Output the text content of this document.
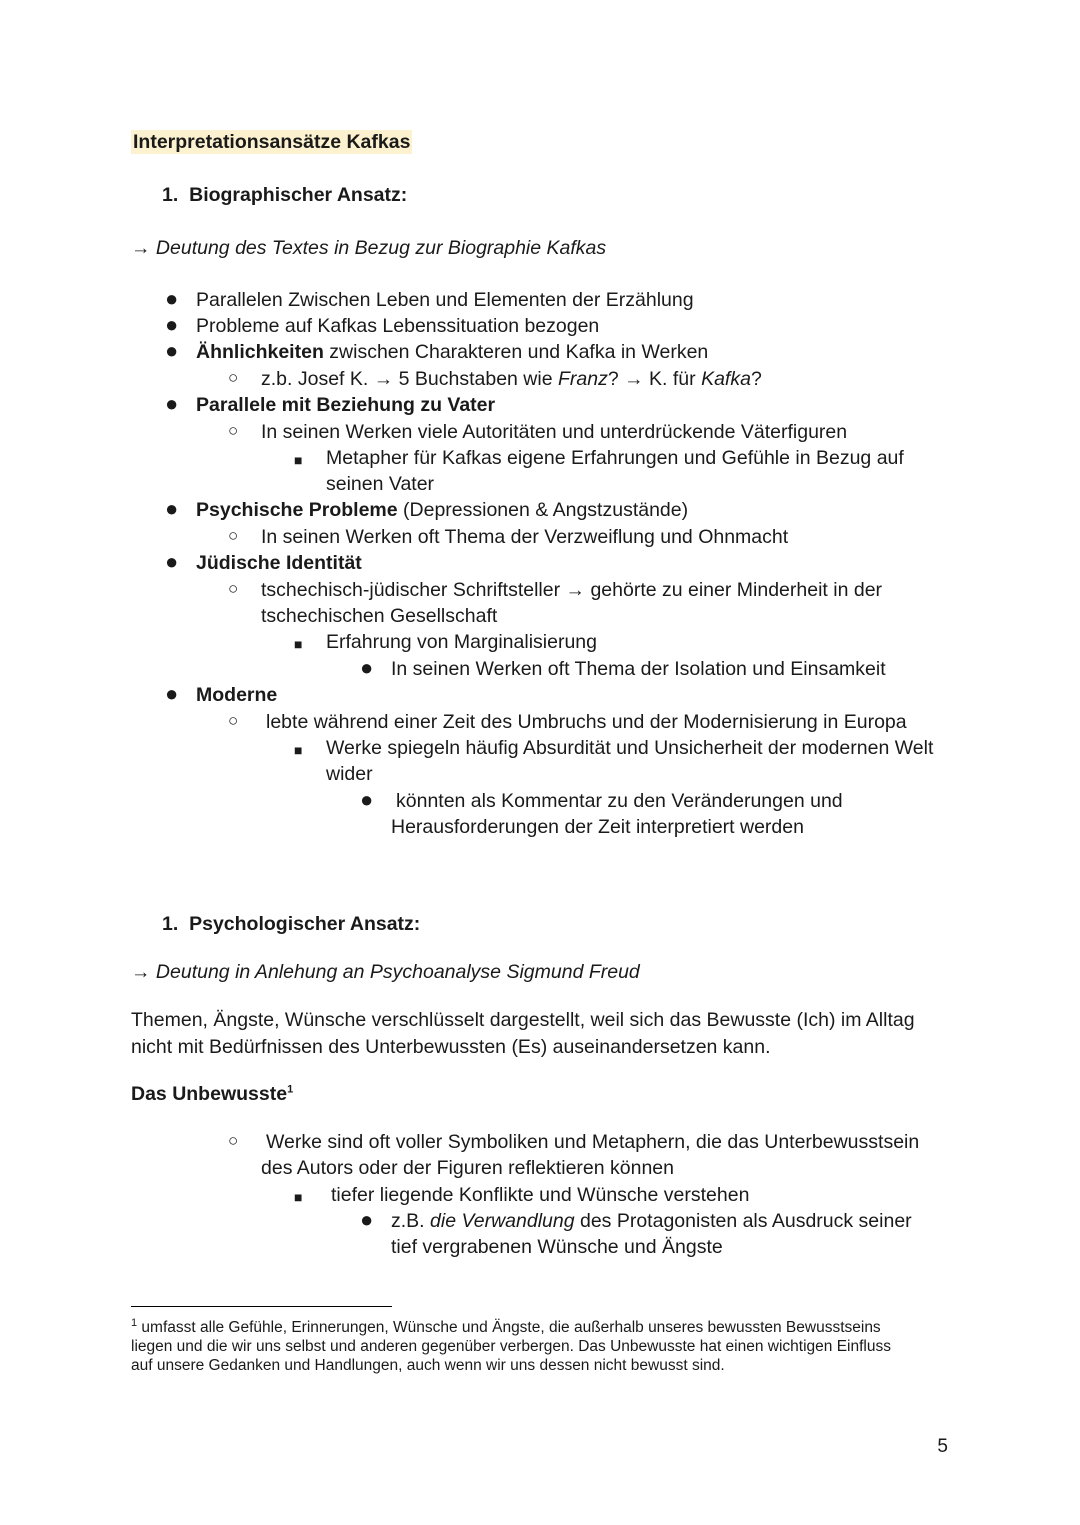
Interpretationsansätze Kafkas
1. Biographischer Ansatz:
→ Deutung des Textes in Bezug zur Biographie Kafkas
● Parallelen Zwischen Leben und Elementen der Erzählung
● Probleme auf Kafkas Lebenssituation bezogen
● Ähnlichkeiten zwischen Charakteren und Kafka in Werken
○ z.b. Josef K. → 5 Buchstaben wie Franz? → K. für Kafka?
● Parallele mit Beziehung zu Vater
○ In seinen Werken viele Autoritäten und unterdrückende Väterfiguren
■ Metapher für Kafkas eigene Erfahrungen und Gefühle in Bezug auf
seinen Vater
● Psychische Probleme (Depressionen & Angstzustände)
○ In seinen Werken oft Thema der Verzweiflung und Ohnmacht
● Jüdische Identität
○ tschechisch-jüdischer Schriftsteller → gehörte zu einer Minderheit in der
tschechischen Gesellschaft
■ Erfahrung von Marginalisierung
● In seinen Werken oft Thema der Isolation und Einsamkeit
● Moderne
○ lebte während einer Zeit des Umbruchs und der Modernisierung in Europa
■ Werke spiegeln häufig Absurdität und Unsicherheit der modernen Welt
wider
● könnten als Kommentar zu den Veränderungen und
Herausforderungen der Zeit interpretiert werden
1. Psychologischer Ansatz:
→ Deutung in Anlehung an Psychoanalyse Sigmund Freud
Themen, Ängste, Wünsche verschlüsselt dargestellt, weil sich das Bewusste (Ich) im Alltag
nicht mit Bedürfnissen des Unterbewussten (Es) auseinandersetzen kann.
Das Unbewusste$^1$
○ Werke sind oft voller Symboliken und Metaphern, die das Unterbewusstsein
des Autors oder der Figuren reflektieren können
■ tiefer liegende Konflikte und Wünsche verstehen
● z.B. die Verwandlung des Protagonisten als Ausdruck seiner
tief vergrabenen Wünsche und Ängste
$^1$ umfasst alle Gefühle, Erinnerungen, Wünsche und Ängste, die außerhalb unseres bewussten Bewusstseins
liegen und die wir uns selbst und anderen gegenüber verbergen. Das Unbewusste hat einen wichtigen Einfluss
auf unsere Gedanken und Handlungen, auch wenn wir uns dessen nicht bewusst sind.
5
